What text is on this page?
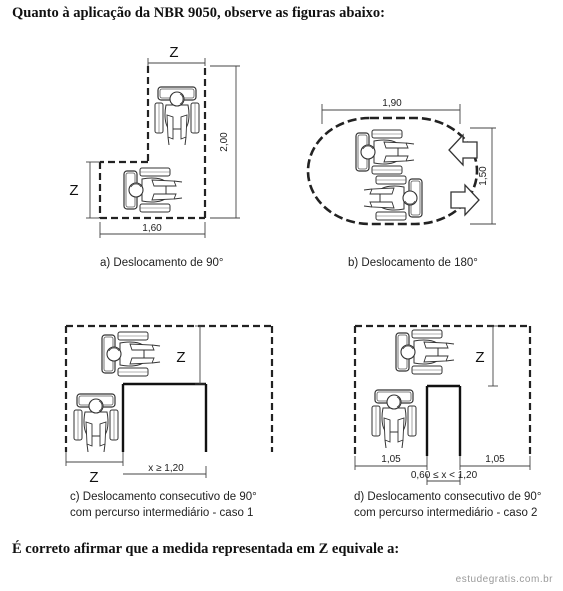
Quanto à aplicação da NBR 9050, observe as figuras abaixo:
Z
2,00
Z
1,60
a) Deslocamento de 90°
1,90
1,50
b) Deslocamento de 180°
Z
Z
x ≥ 1,20
c) Deslocamento consecutivo de 90°
com percurso intermediário - caso 1
Z
1,05	1,05
0,60 ≤ x < 1,20
d) Deslocamento consecutivo de 90°
com percurso intermediário - caso 2
É correto afirmar que a medida representada em Z equivale a:
estudegratis.com.br
